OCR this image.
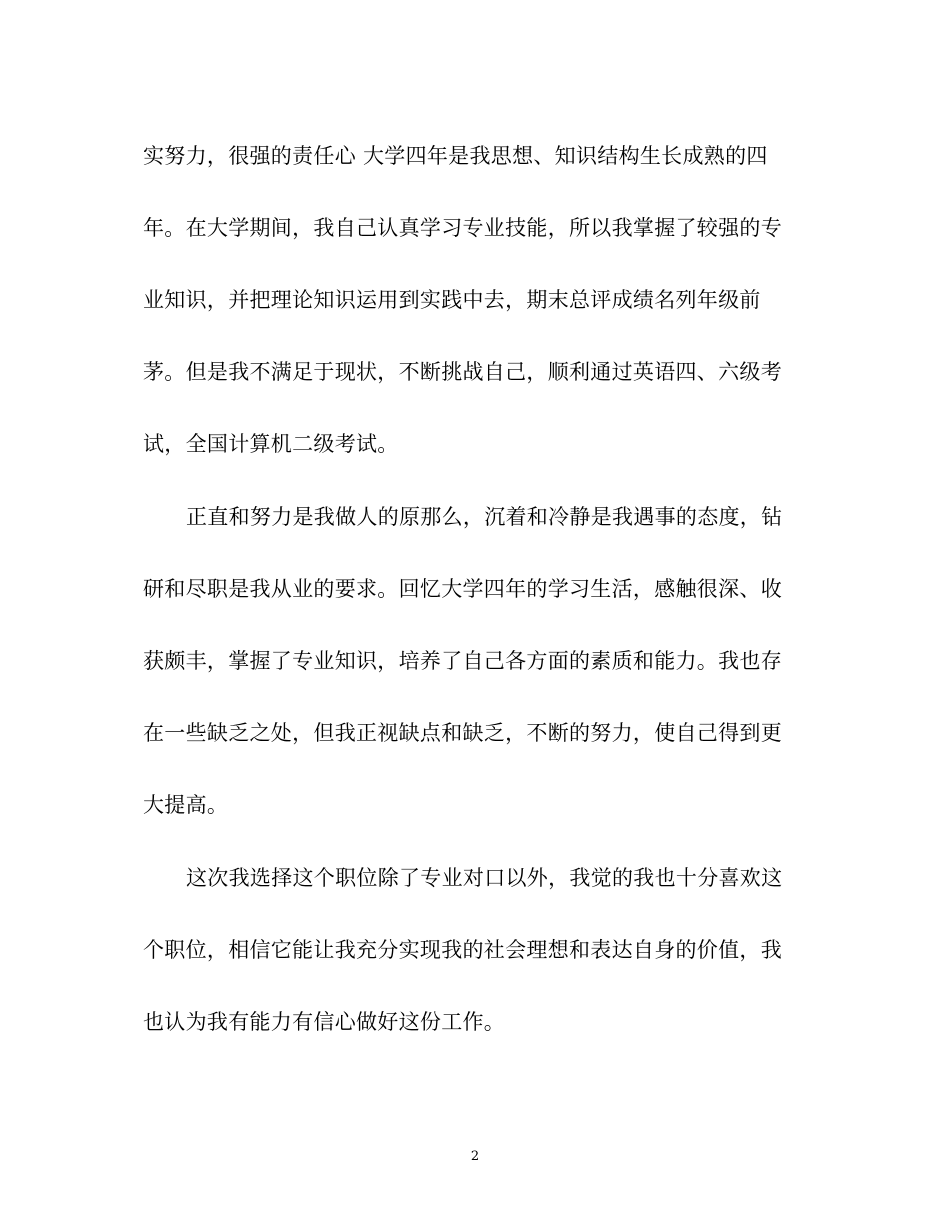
实努力，很强的责任心 大学四年是我思想、知识结构生长成熟的四
年。在大学期间，我自己认真学习专业技能，所以我掌握了较强的专
业知识，并把理论知识运用到实践中去，期末总评成绩名列年级前
茅。但是我不满足于现状，不断挑战自己，顺利通过英语四、六级考
试，全国计算机二级考试。
正直和努力是我做人的原那么，沉着和冷静是我遇事的态度，钻
研和尽职是我从业的要求。回忆大学四年的学习生活，感触很深、收
获颇丰，掌握了专业知识，培养了自己各方面的素质和能力。我也存
在一些缺乏之处，但我正视缺点和缺乏，不断的努力，使自己得到更
大提高。
这次我选择这个职位除了专业对口以外，我觉的我也十分喜欢这
个职位，相信它能让我充分实现我的社会理想和表达自身的价值，我
也认为我有能力有信心做好这份工作。
2
